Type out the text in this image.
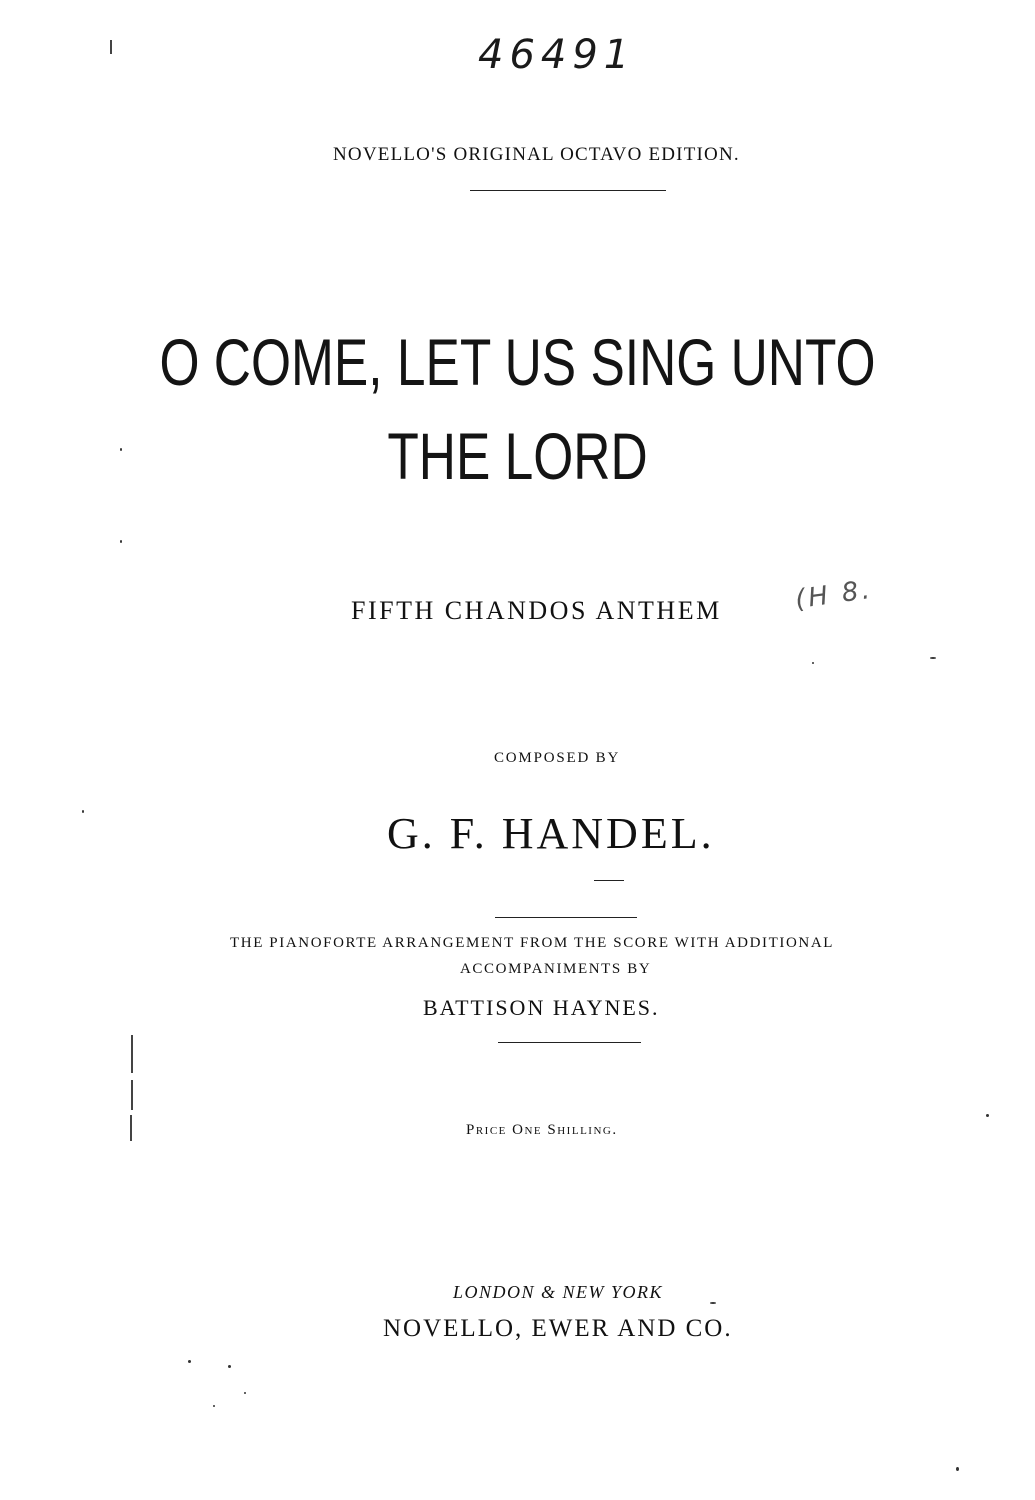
46491
NOVELLO'S ORIGINAL OCTAVO EDITION.
O COME, LET US SING UNTO
THE LORD
FIFTH CHANDOS ANTHEM	(H 8.
COMPOSED BY
G. F. HANDEL.
THE PIANOFORTE ARRANGEMENT FROM THE SCORE WITH ADDITIONAL
ACCOMPANIMENTS BY
BATTISON HAYNES.
Price One Shilling.
LONDON & NEW YORK
NOVELLO, EWER AND CO.
